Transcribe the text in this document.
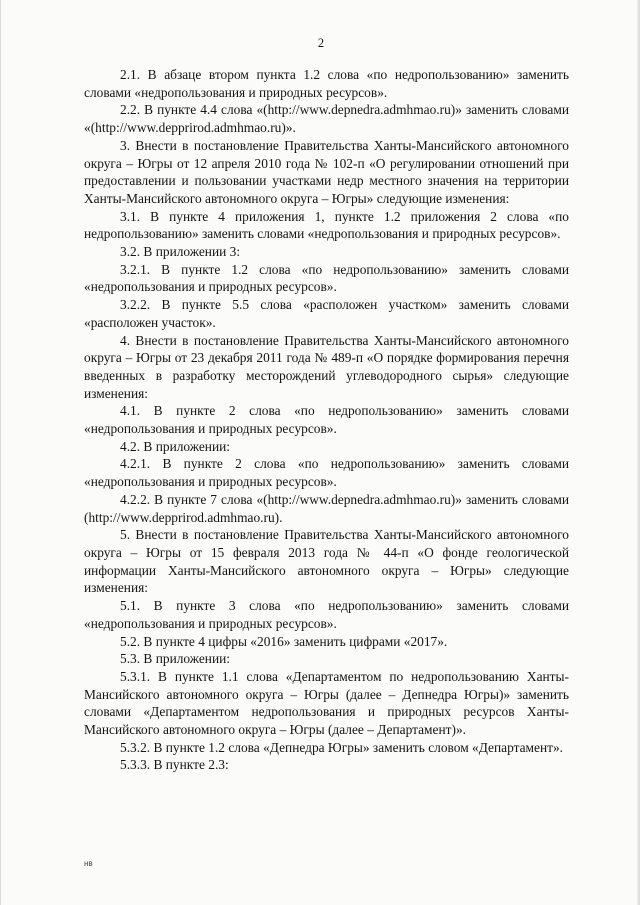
2

2.1. В абзаце втором пункта 1.2 слова «по недропользованию» заменить словами «недропользования и природных ресурсов».

2.2. В пункте 4.4 слова «(http://www.depnedra.admhmao.ru)» заменить словами «(http://www.depprirod.admhmao.ru)».

3. Внести в постановление Правительства Ханты-Мансийского автономного округа – Югры от 12 апреля 2010 года № 102-п «О регулировании отношений при предоставлении и пользовании участками недр местного значения на территории Ханты-Мансийского автономного округа – Югры» следующие изменения:

3.1. В пункте 4 приложения 1, пункте 1.2 приложения 2 слова «по недропользованию» заменить словами «недропользования и природных ресурсов».

3.2. В приложении 3:

3.2.1. В пункте 1.2 слова «по недропользованию» заменить словами «недропользования и природных ресурсов».

3.2.2. В пункте 5.5 слова «расположен участком» заменить словами «расположен участок».

4. Внести в постановление Правительства Ханты-Мансийского автономного округа – Югры от 23 декабря 2011 года № 489-п «О порядке формирования перечня введенных в разработку месторождений углеводородного сырья» следующие изменения:

4.1. В пункте 2 слова «по недропользованию» заменить словами «недропользования и природных ресурсов».

4.2. В приложении:

4.2.1. В пункте 2 слова «по недропользованию» заменить словами «недропользования и природных ресурсов».

4.2.2. В пункте 7 слова «(http://www.depnedra.admhmao.ru)» заменить словами (http://www.depprirod.admhmao.ru).

5. Внести в постановление Правительства Ханты-Мансийского автономного округа – Югры от 15 февраля 2013 года № 44-п «О фонде геологической информации Ханты-Мансийского автономного округа – Югры» следующие изменения:

5.1. В пункте 3 слова «по недропользованию» заменить словами «недропользования и природных ресурсов».

5.2. В пункте 4 цифры «2016» заменить цифрами «2017».

5.3. В приложении:

5.3.1. В пункте 1.1 слова «Департаментом по недропользованию Ханты-Мансийского автономного округа – Югры (далее – Депнедра Югры)» заменить словами «Департаментом недропользования и природных ресурсов Ханты-Мансийского автономного округа – Югры (далее – Департамент)».

5.3.2. В пункте 1.2 слова «Депнедра Югры» заменить словом «Департамент».

5.3.3. В пункте 2.3:

нв
